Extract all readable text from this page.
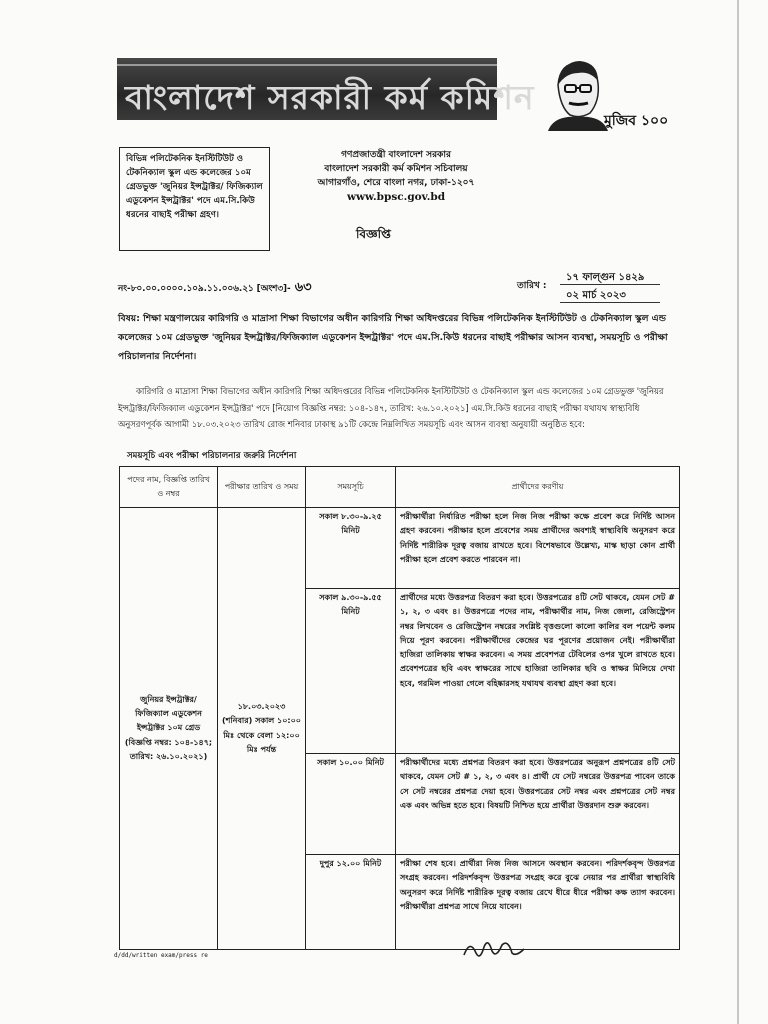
বাংলাদেশ সরকারী কর্ম কমিশন
মুজিব ১০০
বিভিন্ন পলিটেকনিক ইনস্টিটিউট ও টেকনিক্যাল স্কুল এন্ড কলেজের ১০ম গ্রেডভুক্ত 'জুনিয়র ইন্সট্রাক্টর/ ফিজিক্যাল এডুকেশন ইন্সট্রাক্টর' পদে এম.সি.কিউ ধরনের বাছাই পরীক্ষা গ্রহণ।
গণপ্রজাতন্ত্রী বাংলাদেশ সরকার
বাংলাদেশ সরকারী কর্ম কমিশন সচিবালয়
আগারগাঁও, শেরে বাংলা নগর, ঢাকা-১২০৭
www.bpsc.gov.bd
বিজ্ঞপ্তি
নং-৮০.০০.০০০০.১০৯.১১.০০৬.২১ [অংশ৩]- ৬৩	তারিখ :
১৭ ফাল্গুন ১৪২৯
০২ মার্চ ২০২৩
বিষয়: শিক্ষা মন্ত্রণালয়ের কারিগরি ও মাদ্রাসা শিক্ষা বিভাগের অধীন কারিগরি শিক্ষা অধিদপ্তরের বিভিন্ন পলিটেকনিক ইনস্টিটিউট ও টেকনিক্যাল স্কুল এন্ড কলেজের ১০ম গ্রেডভুক্ত 'জুনিয়র ইন্সট্রাক্টর/ফিজিক্যাল এডুকেশন ইন্সট্রাক্টর' পদে এম.সি.কিউ ধরনের বাছাই পরীক্ষার আসন ব্যবস্থা, সময়সূচি ও পরীক্ষা পরিচালনার নির্দেশনা।
কারিগরি ও মাদ্রাসা শিক্ষা বিভাগের অধীন কারিগরি শিক্ষা অধিদপ্তরের বিভিন্ন পলিটেকনিক ইনস্টিটিউট ও টেকনিক্যাল স্কুল এন্ড কলেজের ১০ম গ্রেডভুক্ত 'জুনিয়র ইন্সট্রাক্টর/ফিজিক্যাল এডুকেশন ইন্সট্রাক্টর' পদে [নিয়োগ বিজ্ঞপ্তি নম্বর: ১০৪-১৪৭, তারিখ: ২৬.১০.২০২১] এম.সি.কিউ ধরনের বাছাই পরীক্ষা যথাযথ স্বাস্থ্যবিধি অনুসরণপূর্বক আগামী ১৮.০৩.২০২৩ তারিখ রোজ শনিবার ঢাকাস্থ ৯১টি কেন্দ্রে নিম্নলিখিত সময়সূচি এবং আসন ব্যবস্থা অনুযায়ী অনুষ্ঠিত হবে:
সময়সূচি এবং পরীক্ষা পরিচালনার জরুরি নির্দেশনা
পদের নাম, বিজ্ঞপ্তি তারিখ ও নম্বর	পরীক্ষার তারিখ ও সময়	সময়সূচি	প্রার্থীদের করণীয়
জুনিয়র ইন্সট্রাক্টর/ফিজিক্যাল এডুকেশন ইন্সট্রাক্টর ১০ম গ্রেড (বিজ্ঞপ্তি নম্বর: ১০৪-১৪৭; তারিখ: ২৬.১০.২০২১)	১৮.০৩.২০২৩ (শনিবার) সকাল ১০:০০ মিঃ থেকে বেলা ১২:০০ মিঃ পর্যন্ত	সকাল ৮.৩০-৯.২৫ মিনিট	পরীক্ষার্থীরা নির্ধারিত পরীক্ষা হলে নিজ নিজ পরীক্ষা কক্ষে প্রবেশ করে নির্দিষ্ট আসন গ্রহণ করবেন। পরীক্ষার হলে প্রবেশের সময় প্রার্থীদের অবশ্যই স্বাস্থ্যবিধি অনুসরণ করে নির্দিষ্ট শারীরিক দূরত্ব বজায় রাখতে হবে। বিশেষভাবে উল্লেখ্য, মাস্ক ছাড়া কোন প্রার্থী পরীক্ষা হলে প্রবেশ করতে পারবেন না।
		সকাল ৯.৩০-৯.৫৫ মিনিট	প্রার্থীদের মধ্যে উত্তরপত্র বিতরণ করা হবে। উত্তরপত্রের ৪টি সেট থাকবে, যেমন সেট # ১, ২, ৩ এবং ৪। উত্তরপত্রে পদের নাম, পরীক্ষার্থীর নাম, নিজ জেলা, রেজিস্ট্রেশন নম্বর লিখবেন ও রেজিস্ট্রেশন নম্বরের সংশ্লিষ্ট বৃত্তগুলো কালো কালির বল পয়েন্ট কলম দিয়ে পূরণ করবেন। পরীক্ষার্থীদের কেন্দ্রের ঘর পূরণের প্রয়োজন নেই। পরীক্ষার্থীরা হাজিরা তালিকায় স্বাক্ষর করবেন। এ সময় প্রবেশপত্র টেবিলের ওপর খুলে রাখতে হবে। প্রবেশপত্রের ছবি এবং স্বাক্ষরের সাথে হাজিরা তালিকার ছবি ও স্বাক্ষর মিলিয়ে দেখা হবে, গরমিল পাওয়া গেলে বহিষ্কারসহ যথাযথ ব্যবস্থা গ্রহণ করা হবে।
		সকাল ১০.০০ মিনিট	পরীক্ষার্থীদের মধ্যে প্রশ্নপত্র বিতরণ করা হবে। উত্তরপত্রের অনুরূপ প্রশ্নপত্রের ৪টি সেট থাকবে, যেমন সেট # ১, ২, ৩ এবং ৪। প্রার্থী যে সেট নম্বরের উত্তরপত্র পাবেন তাকে সে সেট নম্বরের প্রশ্নপত্র দেয়া হবে। উত্তরপত্রের সেট নম্বর এবং প্রশ্নপত্রের সেট নম্বর এক এবং অভিন্ন হতে হবে। বিষয়টি নিশ্চিত হয়ে প্রার্থীরা উত্তরদান শুরু করবেন।
		দুপুর ১২.০০ মিনিট	পরীক্ষা শেষ হবে। প্রার্থীরা নিজ নিজ আসনে অবস্থান করবেন। পরিদর্শকবৃন্দ উত্তরপত্র সংগ্রহ করবেন। পরিদর্শকবৃন্দ উত্তরপত্র সংগ্রহ করে বুঝে নেয়ার পর প্রার্থীরা স্বাস্থ্যবিধি অনুসরণ করে নির্দিষ্ট শারীরিক দূরত্ব বজায় রেখে ধীরে ধীরে পরীক্ষা কক্ষ ত্যাগ করবেন। পরীক্ষার্থীরা প্রশ্নপত্র সাথে নিয়ে যাবেন।
d/dd/written exam/press re
